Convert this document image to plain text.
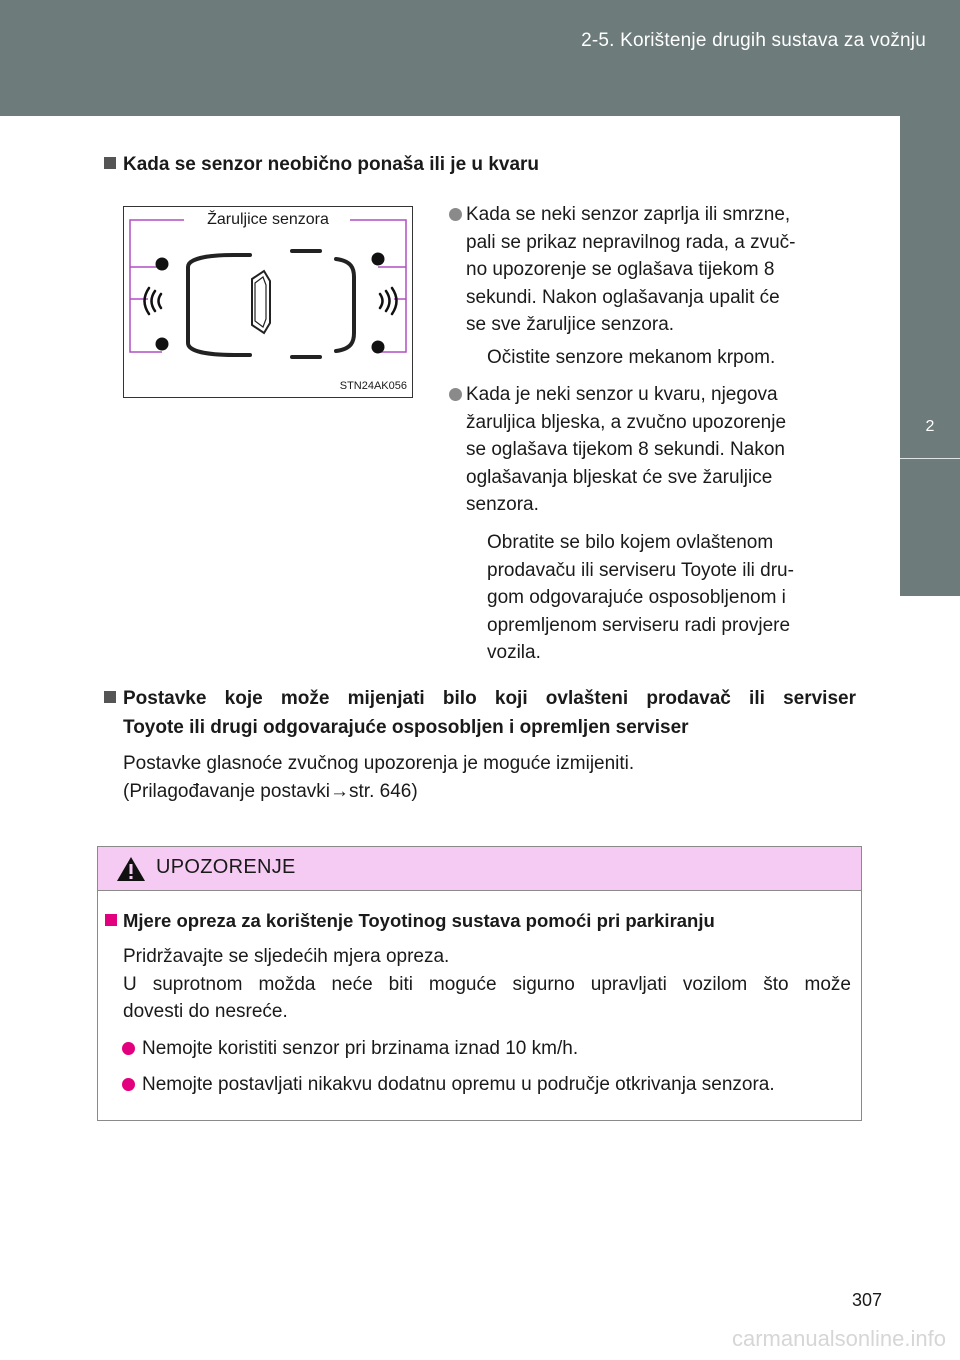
2-5. Korištenje drugih sustava za vožnju
2
U vožnji
Kada se senzor neobično ponaša ili je u kvaru
Žaruljice senzora
STN24AK056
Kada se neki senzor zaprlja ili smrzne,
pali se prikaz nepravilnog rada, a zvuč-
no upozorenje se oglašava tijekom 8
sekundi. Nakon oglašavanja upalit će
se sve žaruljice senzora.
Očistite senzore mekanom krpom.
Kada je neki senzor u kvaru, njegova
žaruljica bljeska, a zvučno upozorenje
se oglašava tijekom 8 sekundi. Nakon
oglašavanja bljeskat će sve žaruljice
senzora.
Obratite se bilo kojem ovlaštenom
prodavaču ili serviseru Toyote ili dru-
gom odgovarajuće osposobljenom i
opremljenom serviseru radi provjere
vozila.
Postavke koje može mijenjati bilo koji ovlašteni prodavač ili serviser
Toyote ili drugi odgovarajuće osposobljen i opremljen serviser
Postavke glasnoće zvučnog upozorenja je moguće izmijeniti.
(Prilagođavanje postavki→str. 646)
UPOZORENJE
Mjere opreza za korištenje Toyotinog sustava pomoći pri parkiranju
Pridržavajte se sljedećih mjera opreza.
U suprotnom možda neće biti moguće sigurno upravljati vozilom što može
dovesti do nesreće.
Nemojte koristiti senzor pri brzinama iznad 10 km/h.
Nemojte postavljati nikakvu dodatnu opremu u područje otkrivanja senzora.
307
carmanualsonline.info
